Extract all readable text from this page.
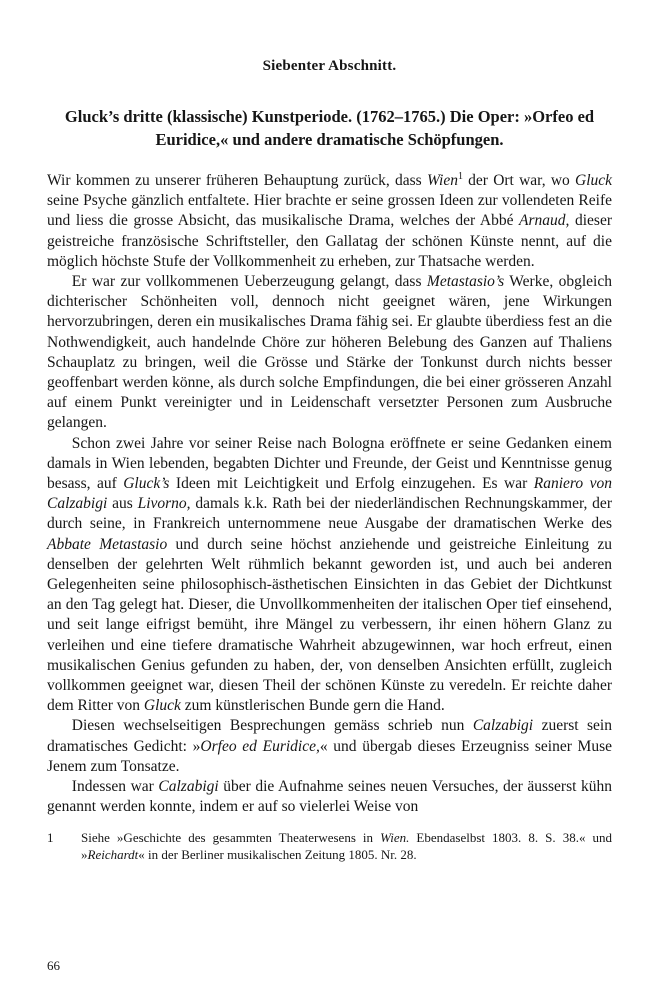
Siebenter Abschnitt.
Gluck’s dritte (klassische) Kunstperiode. (1762–1765.) Die Oper: »Orfeo ed Euridice,« und andere dramatische Schöpfungen.

Wir kommen zu unserer früheren Behauptung zurück, dass Wien$^1$ der Ort war, wo Gluck seine Psyche gänzlich entfaltete. Hier brachte er seine grossen Ideen zur vollendeten Reife und liess die grosse Absicht, das musikalische Drama, welches der Abbé Arnaud, dieser geistreiche französische Schriftsteller, den Gallatag der schönen Künste nennt, auf die möglich höchste Stufe der Vollkommenheit zu erheben, zur Thatsache werden.

Er war zur vollkommenen Ueberzeugung gelangt, dass Metastasio’s Werke, obgleich dichterischer Schönheiten voll, dennoch nicht geeignet wären, jene Wirkungen hervorzubringen, deren ein musikalisches Drama fähig sei. Er glaubte überdiess fest an die Nothwendigkeit, auch handelnde Chöre zur höheren Belebung des Ganzen auf Thaliens Schauplatz zu bringen, weil die Grösse und Stärke der Tonkunst durch nichts besser geoffenbart werden könne, als durch solche Empfindungen, die bei einer grösseren Anzahl auf einem Punkt vereinigter und in Leidenschaft versetzter Personen zum Ausbruche gelangen.

Schon zwei Jahre vor seiner Reise nach Bologna eröffnete er seine Gedanken einem damals in Wien lebenden, begabten Dichter und Freunde, der Geist und Kenntnisse genug besass, auf Gluck’s Ideen mit Leichtigkeit und Erfolg einzugehen. Es war Raniero von Calzabigi aus Livorno, damals k.k. Rath bei der niederländischen Rechnungskammer, der durch seine, in Frankreich unternommene neue Ausgabe der dramatischen Werke des Abbate Metastasio und durch seine höchst anziehende und geistreiche Einleitung zu denselben der gelehrten Welt rühmlich bekannt geworden ist, und auch bei anderen Gelegenheiten seine philosophisch-ästhetischen Einsichten in das Gebiet der Dichtkunst an den Tag gelegt hat. Dieser, die Unvollkommenheiten der italischen Oper tief einsehend, und seit lange eifrigst bemüht, ihre Mängel zu verbessern, ihr einen höhern Glanz zu verleihen und eine tiefere dramatische Wahrheit abzugewinnen, war hoch erfreut, einen musikalischen Genius gefunden zu haben, der, von denselben Ansichten erfüllt, zugleich vollkommen geeignet war, diesen Theil der schönen Künste zu veredeln. Er reichte daher dem Ritter von Gluck zum künstlerischen Bunde gern die Hand.

Diesen wechselseitigen Besprechungen gemäss schrieb nun Calzabigi zuerst sein dramatisches Gedicht: »Orfeo ed Euridice,« und übergab dieses Erzeugniss seiner Muse Jenem zum Tonsatze.

Indessen war Calzabigi über die Aufnahme seines neuen Versuches, der äusserst kühn genannt werden konnte, indem er auf so vielerlei Weise von

1	Siehe »Geschichte des gesammten Theaterwesens in Wien. Ebendaselbst 1803. 8. S. 38.« und »Reichardt« in der Berliner musikalischen Zeitung 1805. Nr. 28.
66
